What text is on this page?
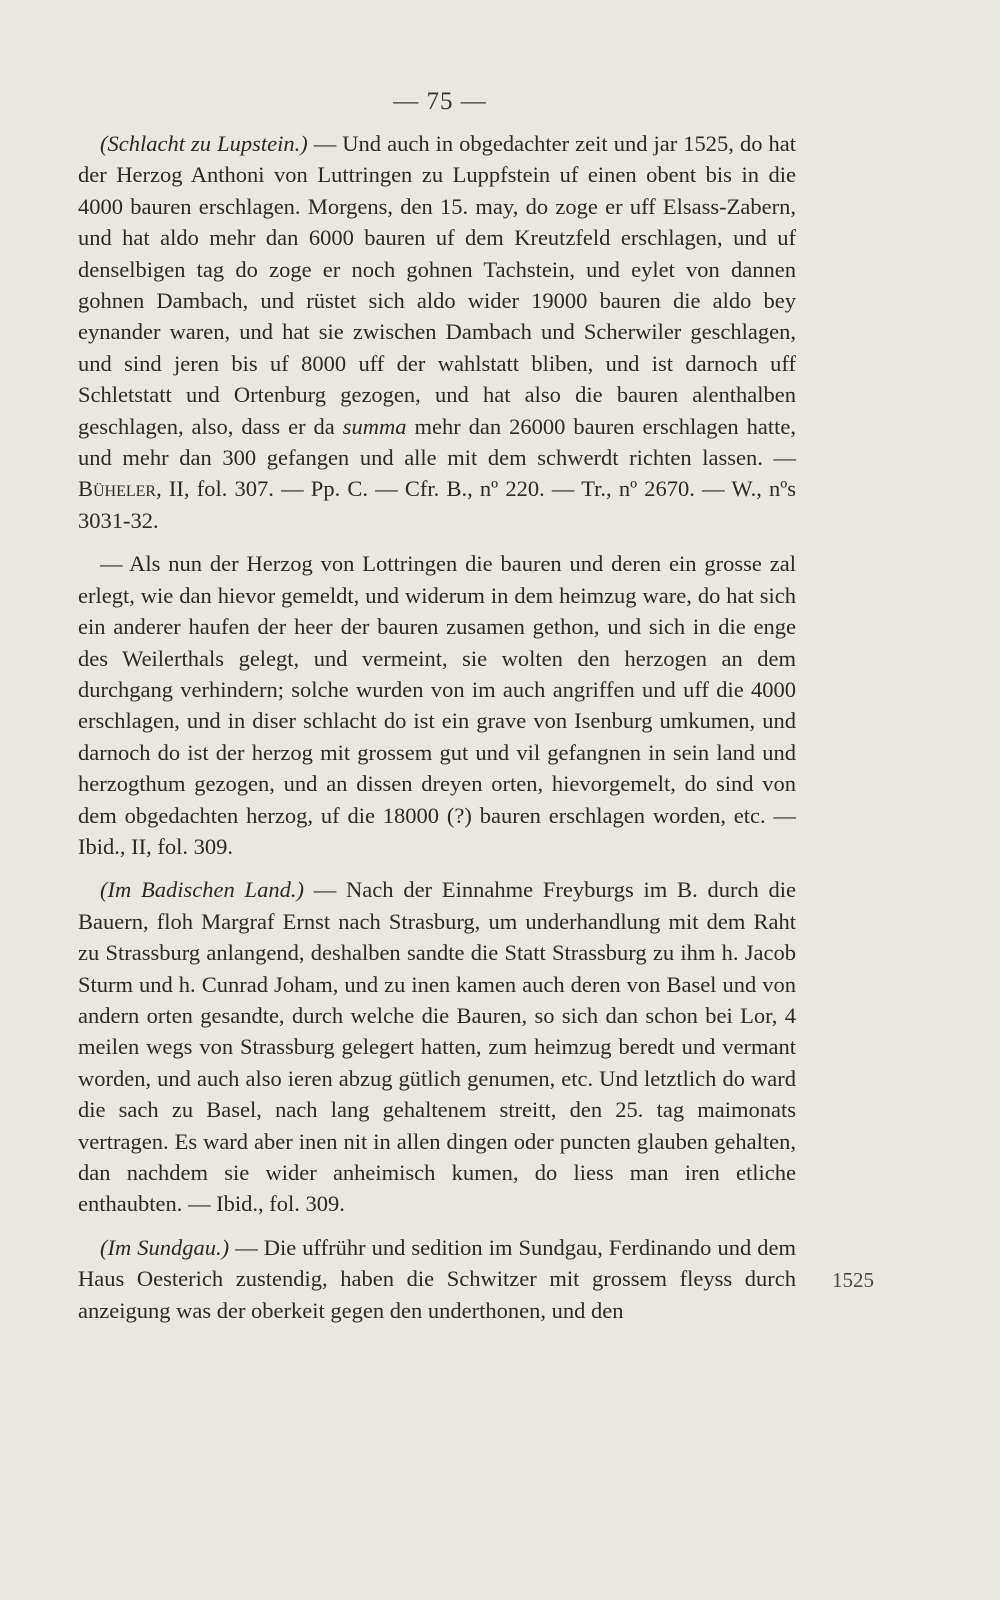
— 75 —

(Schlacht zu Lupstein.) — Und auch in obgedachter zeit und jar 1525, do hat der Herzog Anthoni von Luttringen zu Luppfstein uf einen obent bis in die 4000 bauren erschlagen. Morgens, den 15. may, do zoge er uff Elsass-Zabern, und hat aldo mehr dan 6000 bauren uf dem Kreutzfeld erschlagen, und uf denselbigen tag do zoge er noch gohnen Tachstein, und eylet von dannen gohnen Dambach, und rüstet sich aldo wider 19000 bauren die aldo bey eynander waren, und hat sie zwischen Dambach und Scherwiler geschlagen, und sind jeren bis uf 8000 uff der wahlstatt bliben, und ist darnoch uff Schletstatt und Ortenburg gezogen, und hat also die bauren alenthalben geschlagen, also, dass er da summa mehr dan 26000 bauren erschlagen hatte, und mehr dan 300 gefangen und alle mit dem schwerdt richten lassen. — Büheler, II, fol. 307. — Pp. C. — Cfr. B., nº 220. — Tr., nº 2670. — W., nºs 3031-32.

— Als nun der Herzog von Lottringen die bauren und deren ein grosse zal erlegt, wie dan hievor gemeldt, und widerum in dem heimzug ware, do hat sich ein anderer haufen der heer der bauren zusamen gethon, und sich in die enge des Weilerthals gelegt, und vermeint, sie wolten den herzogen an dem durchgang verhindern; solche wurden von im auch angriffen und uff die 4000 erschlagen, und in diser schlacht do ist ein grave von Isenburg umkumen, und darnoch do ist der herzog mit grossem gut und vil gefangnen in sein land und herzogthum gezogen, und an dissen dreyen orten, hievorgemelt, do sind von dem obgedachten herzog, uf die 18000 (?) bauren erschlagen worden, etc. — Ibid., II, fol. 309.

(Im Badischen Land.) — Nach der Einnahme Freyburgs im B. durch die Bauern, floh Margraf Ernst nach Strasburg, um underhandlung mit dem Raht zu Strassburg anlangend, deshalben sandte die Statt Strassburg zu ihm h. Jacob Sturm und h. Cunrad Joham, und zu inen kamen auch deren von Basel und von andern orten gesandte, durch welche die Bauren, so sich dan schon bei Lor, 4 meilen wegs von Strassburg gelegert hatten, zum heimzug beredt und vermant worden, und auch also ieren abzug gütlich genumen, etc. Und letztlich do ward die sach zu Basel, nach lang gehaltenem streitt, den 25. tag maimonats vertragen. Es ward aber inen nit in allen dingen oder puncten glauben gehalten, dan nachdem sie wider anheimisch kumen, do liess man iren etliche enthaubten. — Ibid., fol. 309.

(Im Sundgau.) — Die uffrühr und sedition im Sundgau, Ferdinando und dem Haus Oesterich zustendig, haben die Schwitzer mit grossem fleyss durch anzeigung was der oberkeit gegen den underthonen, und den

1525
